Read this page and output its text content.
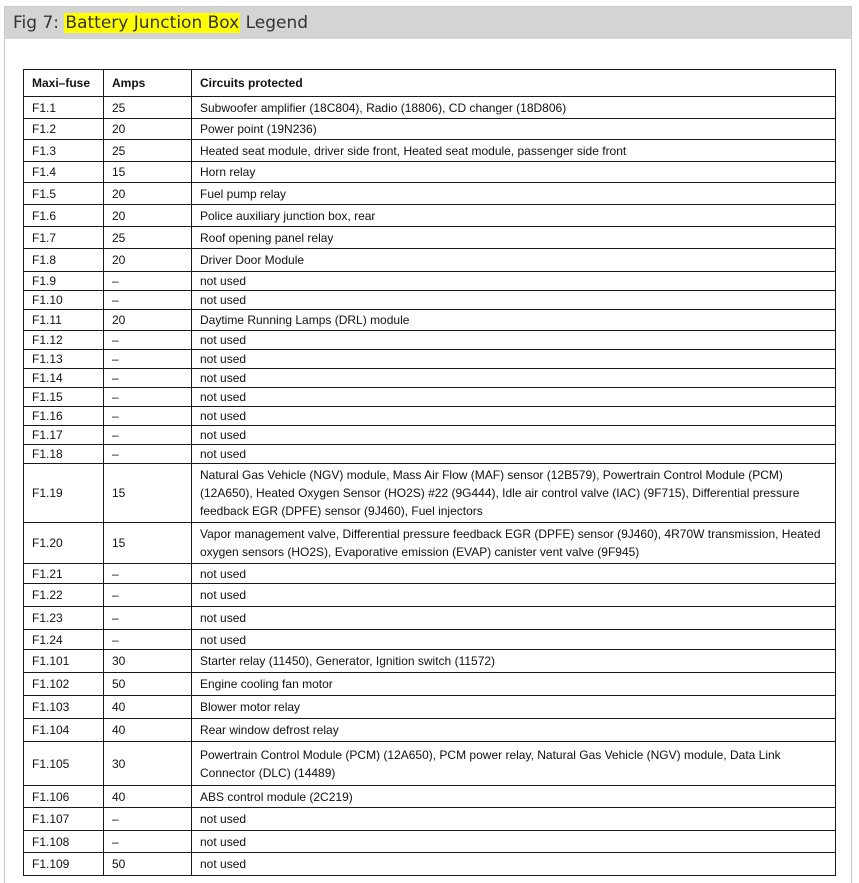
Fig 7: Battery Junction Box Legend
Maxi–fuse	Amps	Circuits protected
F1.1	25	Subwoofer amplifier (18C804), Radio (18806), CD changer (18D806)
F1.2	20	Power point (19N236)
F1.3	25	Heated seat module, driver side front, Heated seat module, passenger side front
F1.4	15	Horn relay
F1.5	20	Fuel pump relay
F1.6	20	Police auxiliary junction box, rear
F1.7	25	Roof opening panel relay
F1.8	20	Driver Door Module
F1.9	–	not used
F1.10	–	not used
F1.11	20	Daytime Running Lamps (DRL) module
F1.12	–	not used
F1.13	–	not used
F1.14	–	not used
F1.15	–	not used
F1.16	–	not used
F1.17	–	not used
F1.18	–	not used
F1.19	15	Natural Gas Vehicle (NGV) module, Mass Air Flow (MAF) sensor (12B579), Powertrain Control Module (PCM) (12A650), Heated Oxygen Sensor (HO2S) #22 (9G444), Idle air control valve (IAC) (9F715), Differential pressure feedback EGR (DPFE) sensor (9J460), Fuel injectors
F1.20	15	Vapor management valve, Differential pressure feedback EGR (DPFE) sensor (9J460), 4R70W transmission, Heated oxygen sensors (HO2S), Evaporative emission (EVAP) canister vent valve (9F945)
F1.21	–	not used
F1.22	–	not used
F1.23	–	not used
F1.24	–	not used
F1.101	30	Starter relay (11450), Generator, Ignition switch (11572)
F1.102	50	Engine cooling fan motor
F1.103	40	Blower motor relay
F1.104	40	Rear window defrost relay
F1.105	30	Powertrain Control Module (PCM) (12A650), PCM power relay, Natural Gas Vehicle (NGV) module, Data Link Connector (DLC) (14489)
F1.106	40	ABS control module (2C219)
F1.107	–	not used
F1.108	–	not used
F1.109	50	not used
